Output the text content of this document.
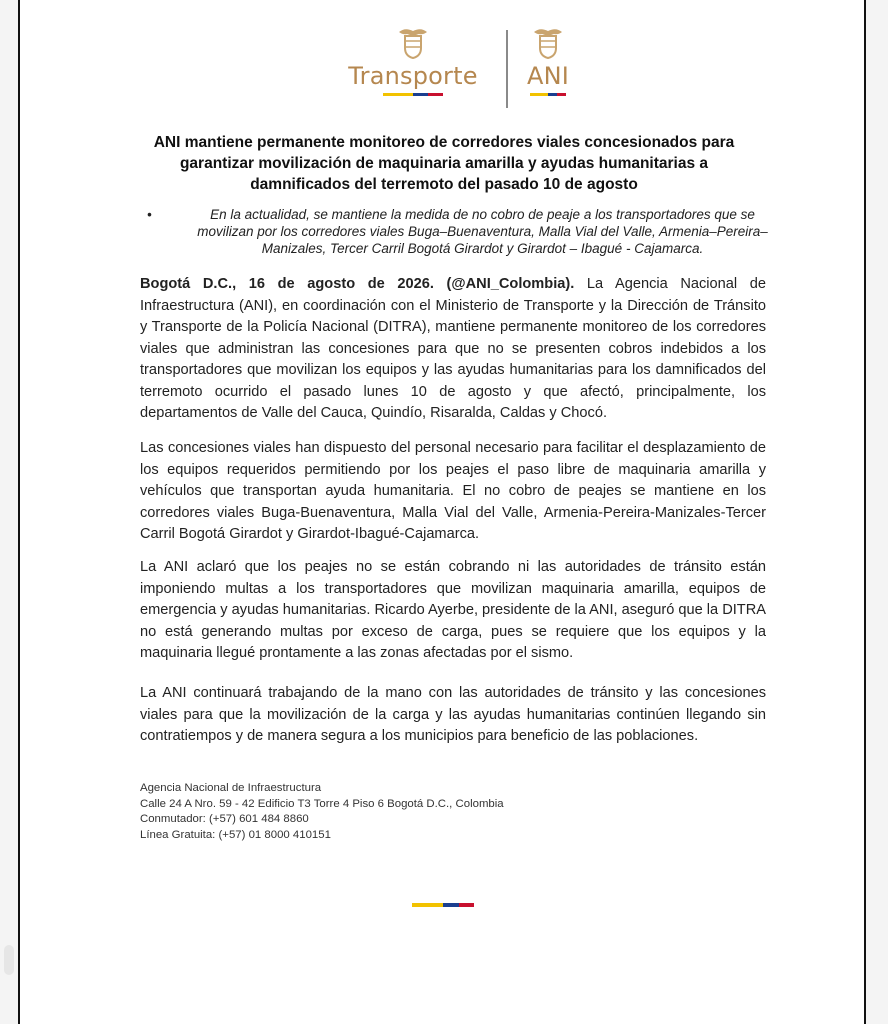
Transporte	ANI
ANI mantiene permanente monitoreo de corredores viales concesionados para garantizar movilización de maquinaria amarilla y ayudas humanitarias a damnificados del terremoto del pasado 10 de agosto
•	En la actualidad, se mantiene la medida de no cobro de peaje a los transportadores que se movilizan por los corredores viales Buga–Buenaventura, Malla Vial del Valle, Armenia–Pereira–Manizales, Tercer Carril Bogotá Girardot y Girardot – Ibagué - Cajamarca.
Bogotá D.C., 16 de agosto de 2026. (@ANI_Colombia). La Agencia Nacional de Infraestructura (ANI), en coordinación con el Ministerio de Transporte y la Dirección de Tránsito y Transporte de la Policía Nacional (DITRA), mantiene permanente monitoreo de los corredores viales que administran las concesiones para que no se presenten cobros indebidos a los transportadores que movilizan los equipos y las ayudas humanitarias para los damnificados del terremoto ocurrido el pasado lunes 10 de agosto y que afectó, principalmente, los departamentos de Valle del Cauca, Quindío, Risaralda, Caldas y Chocó.
Las concesiones viales han dispuesto del personal necesario para facilitar el desplazamiento de los equipos requeridos permitiendo por los peajes el paso libre de maquinaria amarilla y vehículos que transportan ayuda humanitaria. El no cobro de peajes se mantiene en los corredores viales Buga-Buenaventura, Malla Vial del Valle, Armenia-Pereira-Manizales-Tercer Carril Bogotá Girardot y Girardot-Ibagué-Cajamarca.
La ANI aclaró que los peajes no se están cobrando ni las autoridades de tránsito están imponiendo multas a los transportadores que movilizan maquinaria amarilla, equipos de emergencia y ayudas humanitarias. Ricardo Ayerbe, presidente de la ANI, aseguró que la DITRA no está generando multas por exceso de carga, pues se requiere que los equipos y la maquinaria llegué prontamente a las zonas afectadas por el sismo.
La ANI continuará trabajando de la mano con las autoridades de tránsito y las concesiones viales para que la movilización de la carga y las ayudas humanitarias continúen llegando sin contratiempos y de manera segura a los municipios para beneficio de las poblaciones.
Agencia Nacional de Infraestructura
Calle 24 A Nro. 59 - 42 Edificio T3 Torre 4 Piso 6 Bogotá D.C., Colombia
Conmutador: (+57) 601 484 8860
Línea Gratuita: (+57) 01 8000 410151
